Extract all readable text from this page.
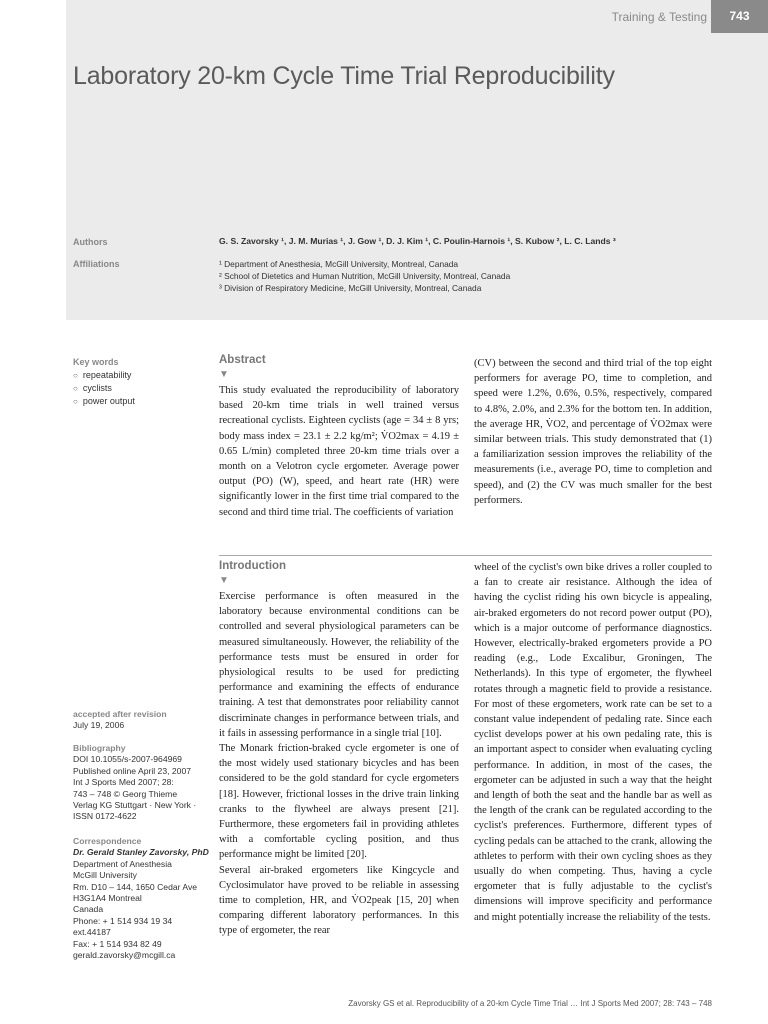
Training & Testing	743
Laboratory 20-km Cycle Time Trial Reproducibility
Authors
Affiliations
G. S. Zavorsky ¹, J. M. Murias ¹, J. Gow ¹, D. J. Kim ¹, C. Poulin-Harnois ¹, S. Kubow ², L. C. Lands ³
¹ Department of Anesthesia, McGill University, Montreal, Canada
² School of Dietetics and Human Nutrition, McGill University, Montreal, Canada
³ Division of Respiratory Medicine, McGill University, Montreal, Canada
Key words
○ repeatability
○ cyclists
○ power output
Abstract
▼

This study evaluated the reproducibility of laboratory based 20-km time trials in well trained versus recreational cyclists. Eighteen cyclists (age = 34 ± 8 yrs; body mass index = 23.1 ± 2.2 kg/m²; V̇O2max = 4.19 ± 0.65 L/min) completed three 20-km time trials over a month on a Velotron cycle ergometer. Average power output (PO) (W), speed, and heart rate (HR) were significantly lower in the first time trial compared to the second and third time trial. The coefficients of variation

(CV) between the second and third trial of the top eight performers for average PO, time to completion, and speed were 1.2%, 0.6%, 0.5%, respectively, compared to 4.8%, 2.0%, and 2.3% for the bottom ten. In addition, the average HR, V̇O2, and percentage of V̇O2max were similar between trials. This study demonstrated that (1) a familiarization session improves the reliability of the measurements (i.e., average PO, time to completion and speed), and (2) the CV was much smaller for the best performers.

Introduction
▼

Exercise performance is often measured in the laboratory because environmental conditions can be controlled and several physiological parameters can be measured simultaneously. However, the reliability of the performance tests must be ensured in order for physiological results to be used for predicting performance and examining the effects of endurance training. A test that demonstrates poor reliability cannot discriminate changes in performance between trials, and it fails in assessing performance in a single trial [10].

The Monark friction-braked cycle ergometer is one of the most widely used stationary bicycles and has been considered to be the gold standard for cycle ergometers [18]. However, frictional losses in the drive train linking cranks to the flywheel are always present [21]. Furthermore, these ergometers fail in providing athletes with a comfortable cycling position, and thus performance might be limited [20].

Several air-braked ergometers like Kingcycle and Cyclosimulator have proved to be reliable in assessing time to completion, HR, and V̇O2peak [15, 20] when comparing different laboratory performances. In this type of ergometer, the rear

wheel of the cyclist's own bike drives a roller coupled to a fan to create air resistance. Although the idea of having the cyclist riding his own bicycle is appealing, air-braked ergometers do not record power output (PO), which is a major outcome of performance diagnostics. However, electrically-braked ergometers provide a PO reading (e.g., Lode Excalibur, Groningen, The Netherlands). In this type of ergometer, the flywheel rotates through a magnetic field to provide a resistance. For most of these ergometers, work rate can be set to a constant value independent of pedaling rate. Since each cyclist develops power at his own pedaling rate, this is an important aspect to consider when evaluating cycling performance. In addition, in most of the cases, the ergometer can be adjusted in such a way that the height and length of both the seat and the handle bar as well as the length of the crank can be regulated according to the cyclist's preferences. Furthermore, different types of cycling pedals can be attached to the crank, allowing the athletes to perform with their own cycling shoes as they usually do when competing. Thus, having a cycle ergometer that is fully adjustable to the cyclist's dimensions will improve specificity and performance and might potentially increase the reliability of the tests.

accepted after revision
July 19, 2006
Bibliography
DOI 10.1055/s-2007-964969
Published online April 23, 2007
Int J Sports Med 2007; 28:
743 – 748 © Georg Thieme
Verlag KG Stuttgart · New York ·
ISSN 0172-4622
Correspondence
Dr. Gerald Stanley Zavorsky, PhD
Department of Anesthesia
McGill University
Rm. D10 – 144, 1650 Cedar Ave
H3G1A4 Montreal
Canada
Phone: + 1 514 934 19 34
ext.44187
Fax: + 1 514 934 82 49
gerald.zavorsky@mcgill.ca
Zavorsky GS et al. Reproducibility of a 20-km Cycle Time Trial … Int J Sports Med 2007; 28: 743 – 748
